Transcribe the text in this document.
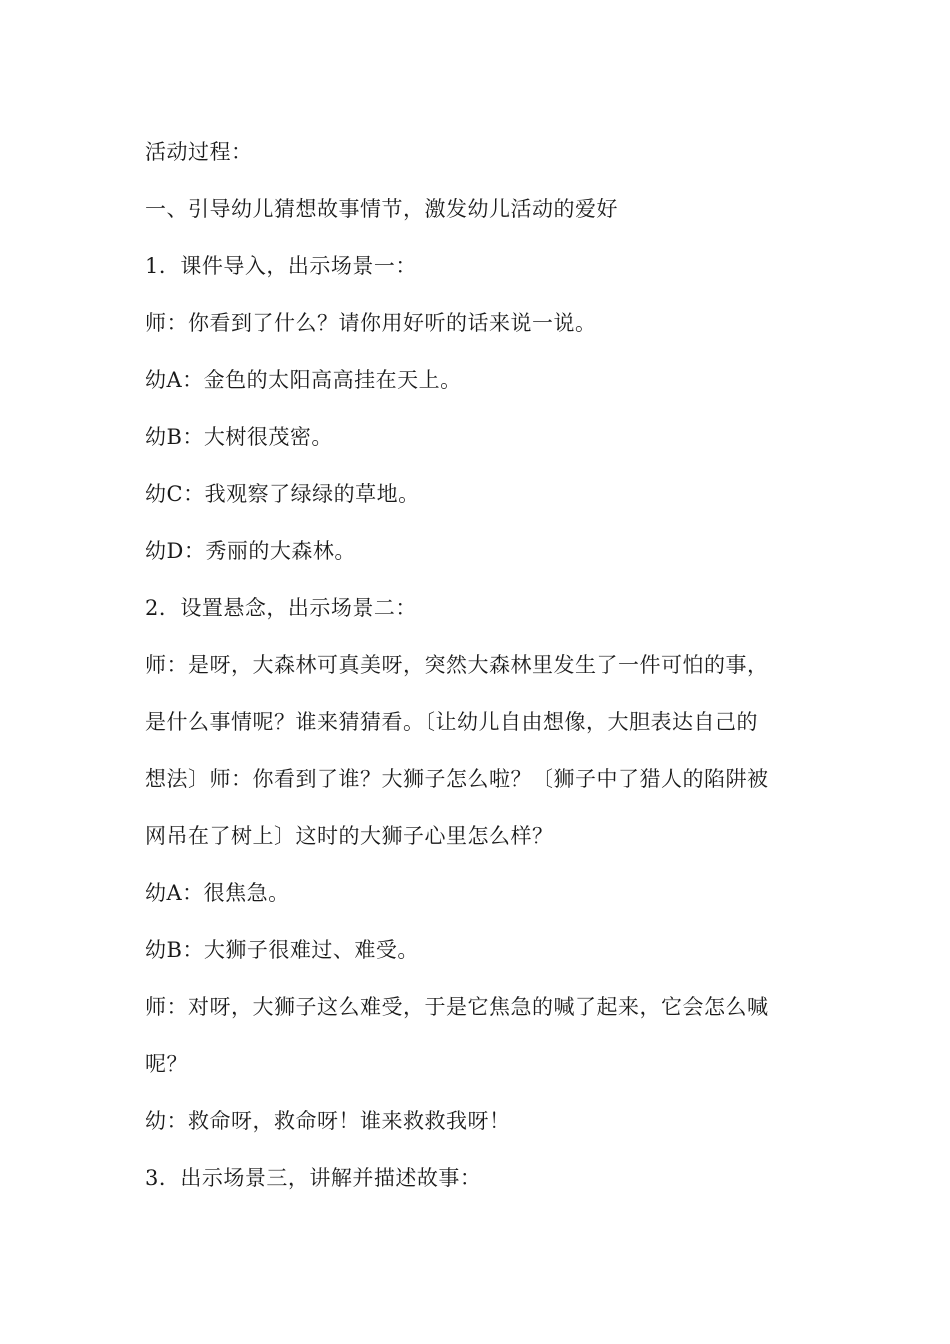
活动过程：
一、引导幼儿猜想故事情节，激发幼儿活动的爱好
1．课件导入，出示场景一：
师：你看到了什么？请你用好听的话来说一说。
幼A：金色的太阳高高挂在天上。
幼B：大树很茂密。
幼C：我观察了绿绿的草地。
幼D：秀丽的大森林。
2．设置悬念，出示场景二：
师：是呀，大森林可真美呀，突然大森林里发生了一件可怕的事，
是什么事情呢？谁来猜猜看。〔让幼儿自由想像，大胆表达自己的
想法〕师：你看到了谁？大狮子怎么啦？〔狮子中了猎人的陷阱被
网吊在了树上〕这时的大狮子心里怎么样？
幼A：很焦急。
幼B：大狮子很难过、难受。
师：对呀，大狮子这么难受，于是它焦急的喊了起来，它会怎么喊
呢？
幼：救命呀，救命呀！谁来救救我呀！
3．出示场景三，讲解并描述故事：
